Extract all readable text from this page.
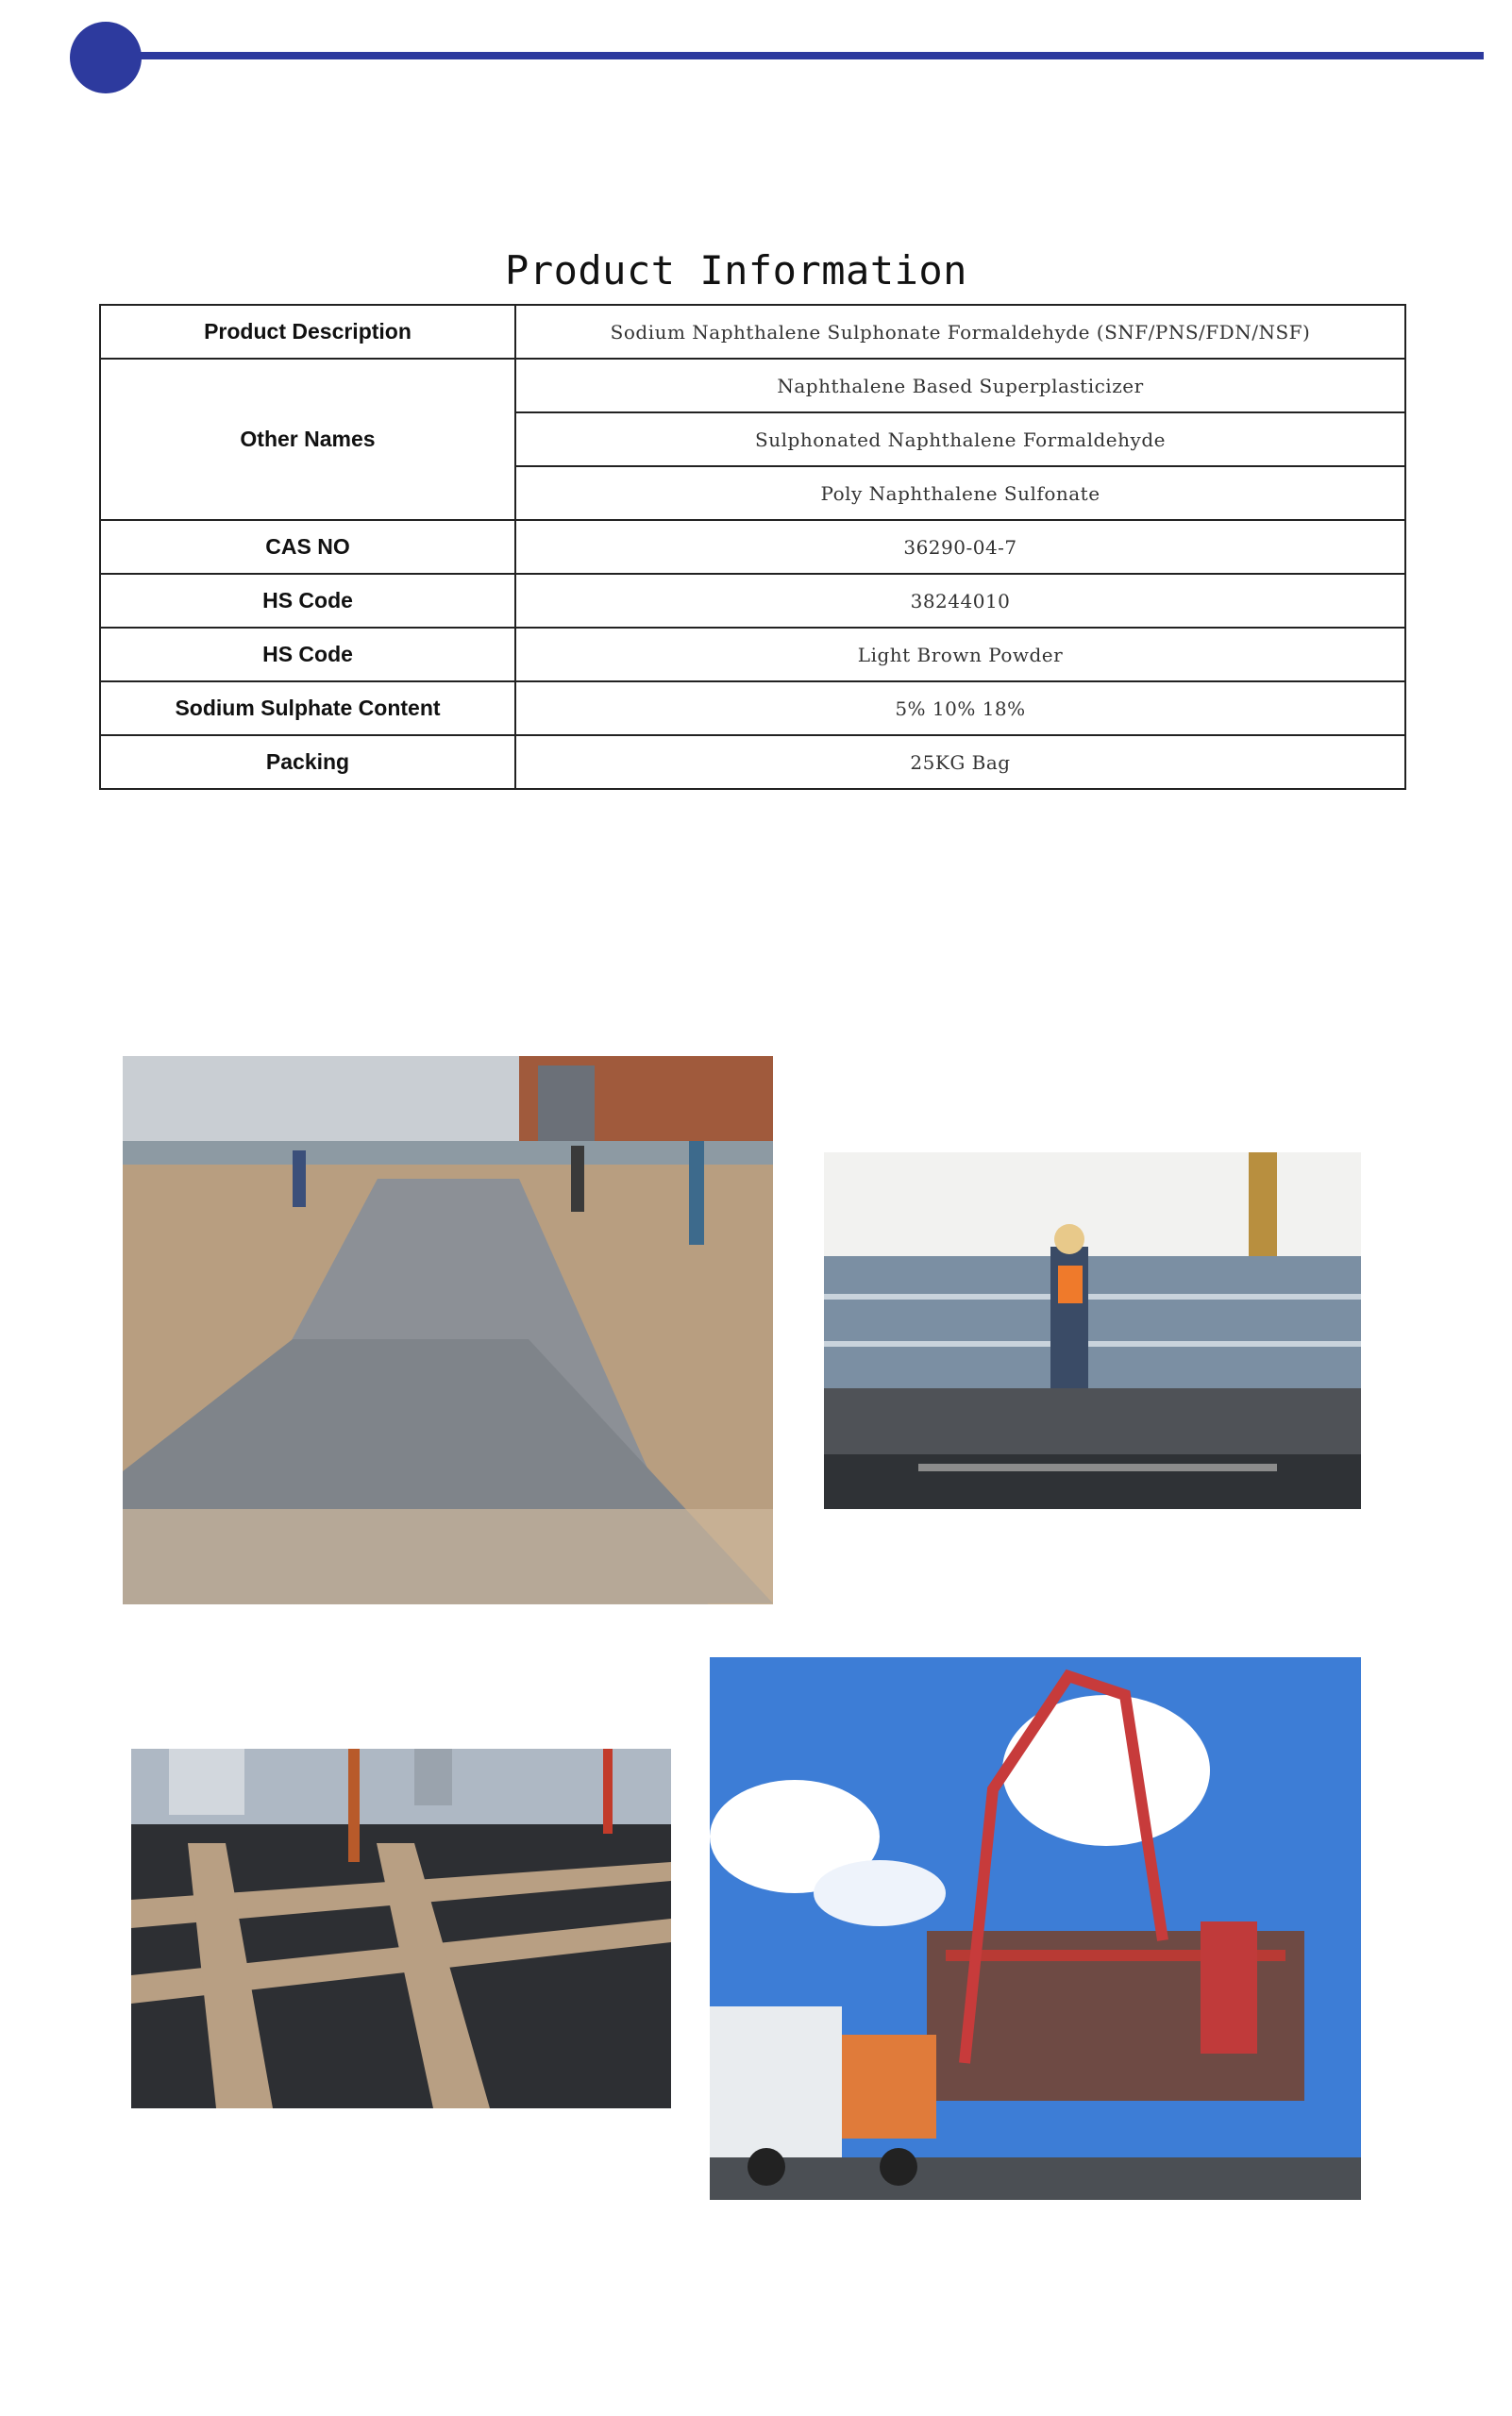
Product Information
Product Description	Sodium Naphthalene Sulphonate Formaldehyde (SNF/PNS/FDN/NSF)
Other Names	Naphthalene Based Superplasticizer
	Sulphonated Naphthalene Formaldehyde
	Poly Naphthalene Sulfonate
CAS NO	36290-04-7
HS Code	38244010
HS Code	Light Brown Powder
Sodium Sulphate Content	5% 10% 18%
Packing	25KG Bag
